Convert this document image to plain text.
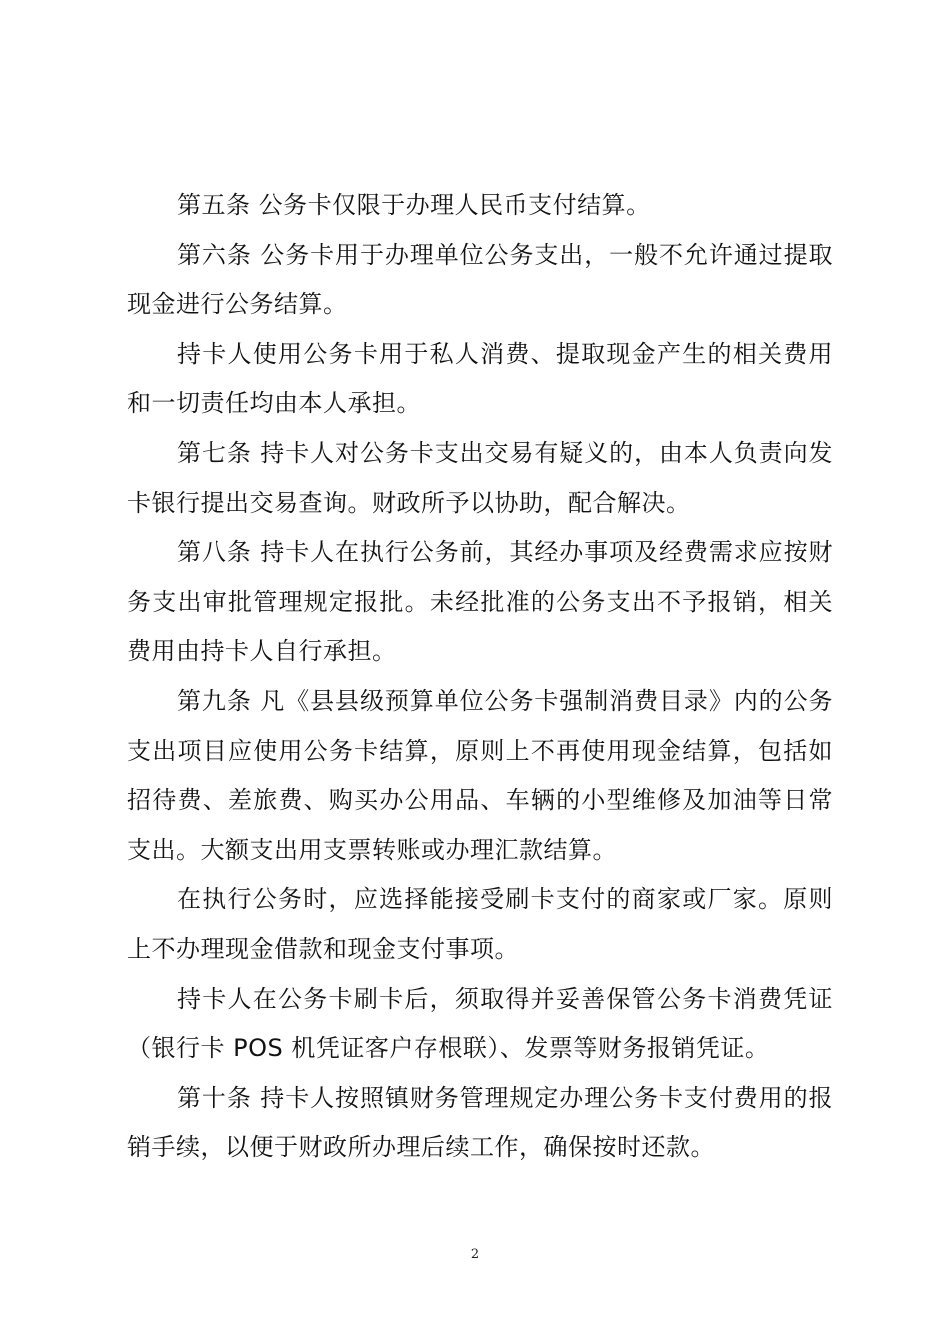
第五条 公务卡仅限于办理人民币支付结算。

第六条 公务卡用于办理单位公务支出，一般不允许通过提取现金进行公务结算。

持卡人使用公务卡用于私人消费、提取现金产生的相关费用和一切责任均由本人承担。

第七条 持卡人对公务卡支出交易有疑义的，由本人负责向发卡银行提出交易查询。财政所予以协助，配合解决。

第八条 持卡人在执行公务前，其经办事项及经费需求应按财务支出审批管理规定报批。未经批准的公务支出不予报销，相关费用由持卡人自行承担。

第九条 凡《县县级预算单位公务卡强制消费目录》内的公务支出项目应使用公务卡结算，原则上不再使用现金结算，包括如招待费、差旅费、购买办公用品、车辆的小型维修及加油等日常支出。大额支出用支票转账或办理汇款结算。

在执行公务时，应选择能接受刷卡支付的商家或厂家。原则上不办理现金借款和现金支付事项。

持卡人在公务卡刷卡后，须取得并妥善保管公务卡消费凭证（银行卡 POS 机凭证客户存根联）、发票等财务报销凭证。

第十条 持卡人按照镇财务管理规定办理公务卡支付费用的报销手续，以便于财政所办理后续工作，确保按时还款。

2
